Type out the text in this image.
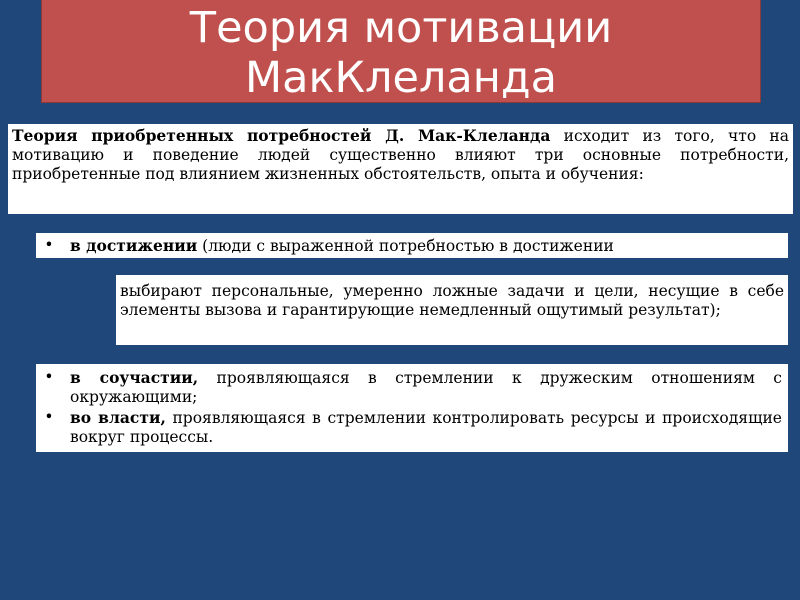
Теория мотивации
МакКлеланда
Теория приобретенных потребностей Д. Мак-Клеланда исходит из того, что на мотивацию и поведение людей существенно влияют три основные потребности, приобретенные под влиянием жизненных обстоятельств, опыта и обучения:
• в достижении (люди с выраженной потребностью в достижении
выбирают персональные, умеренно ложные задачи и цели, несущие в себе элементы вызова и гарантирующие немедленный ощутимый результат);
• в соучастии, проявляющаяся в стремлении к дружеским отношениям с окружающими;
• во власти, проявляющаяся в стремлении контролировать ресурсы и происходящие вокруг процессы.
